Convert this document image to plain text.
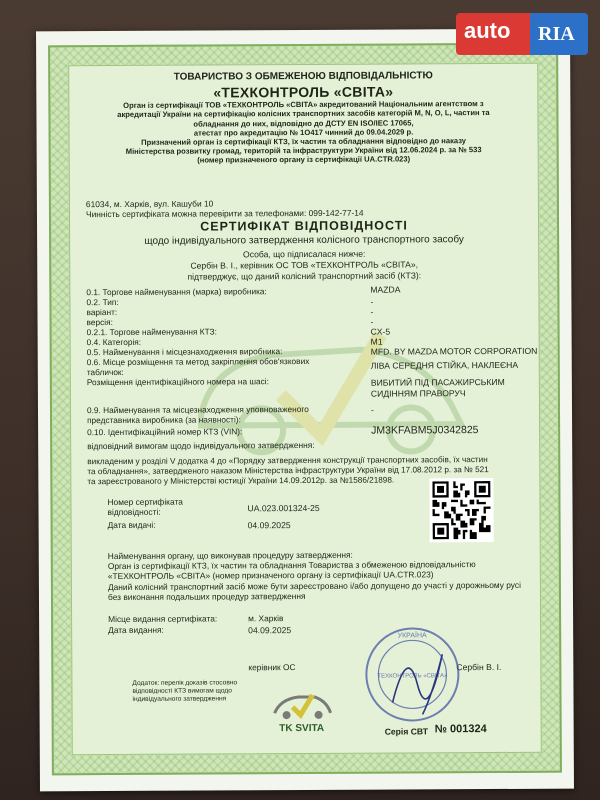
ТОВАРИСТВО З ОБМЕЖЕНОЮ ВІДПОВІДАЛЬНІСТЮ
«ТЕХКОНТРОЛЬ «СВІТА»
Орган із сертифікації ТОВ «ТЕХКОНТРОЛЬ «СВІТА» акредитований Національним агентством з
акредитації України на сертифікацію колісних транспортних засобів категорій M, N, O, L, частин та
обладнання до них, відповідно до ДСТУ EN ISO/IEC 17065,
атестат про акредитацію № 1О417 чинний до 09.04.2029 р.
Призначений орган із сертифікації КТЗ, їх частин та обладнання відповідно до наказу
Міністерства розвитку громад, територій та інфраструктури України від 12.06.2024 р. за № 533
(номер призначеного органу із сертифікації UA.CTR.023)
61034, м. Харків, вул. Кашуби 10
Чинність сертифіката можна перевірити за телефонами: 099-142-77-14
СЕРТИФІКАТ ВІДПОВІДНОСТІ
щодо індивідуального затвердження колісного транспортного засобу
Особа, що підписалася нижче:
Сербін В. І., керівник ОС ТОВ «ТЕХКОНТРОЛЬ «СВІТА»,
підтверджує, що даний колісний транспортний засіб (КТЗ):
0.1. Торгове найменування (марка) виробника:	MAZDA
0.2. Тип:	-
варіант:	-
версія:	-
0.2.1. Торгове найменування КТЗ:	CX-5
0.4. Категорія:	M1
0.5. Найменування і місцезнаходження виробника:	MFD. BY MAZDA MOTOR CORPORATION
0.6. Місце розміщення та метод закріплення обов'язкових
табличок:
ЛІВА СЕРЕДНЯ СТІЙКА, НАКЛЕЄНА
Розміщення ідентифікаційного номера на шасі:	ВИБИТИЙ ПІД ПАСАЖИРСЬКИМ
СИДІННЯМ ПРАВОРУЧ
0.9. Найменування та місцезнаходження уповноваженого
представника виробника (за наявності):
-
0.10. Ідентифікаційний номер КТЗ (VIN):	JM3KFABM5J0342825
відповідний вимогам щодо індивідуального затвердження:
викладеним у розділі V додатка 4 до «Порядку затвердження конструкції транспортних засобів, їх частин
та обладнання», затвердженого наказом Міністерства інфраструктури України від 17.08.2012 р. за № 521
та зареєстрованого у Міністерстві юстиції України 14.09.2012р. за №1586/21898.
Номер сертифіката
відповідності:	UA.023.001324-25
Дата видачі:	04.09.2025
Найменування органу, що виконував процедуру затвердження:
Орган із сертифікації КТЗ, їх частин та обладнання Товариства з обмеженою відповідальністю
«ТЕХКОНТРОЛЬ «СВІТА» (номер призначеного органу із сертифікації UA.CTR.023)
Даний колісний транспортний засіб може бути зареєстровано і/або допущено до участі у дорожньому русі
без виконання подальших процедур затвердження
Місце видання сертифіката:	м. Харків
Дата видання:	04.09.2025
керівник ОС	Сербін В. І.
Додаток: перелік доказів стосовно
відповідності КТЗ вимогам щодо
індивідуального затвердження
УКРАЇНА
ТЕХКОНТРОЛЬ «СВІТА»
TK SVITA	Серія СВТ № 001324
auto RIA
